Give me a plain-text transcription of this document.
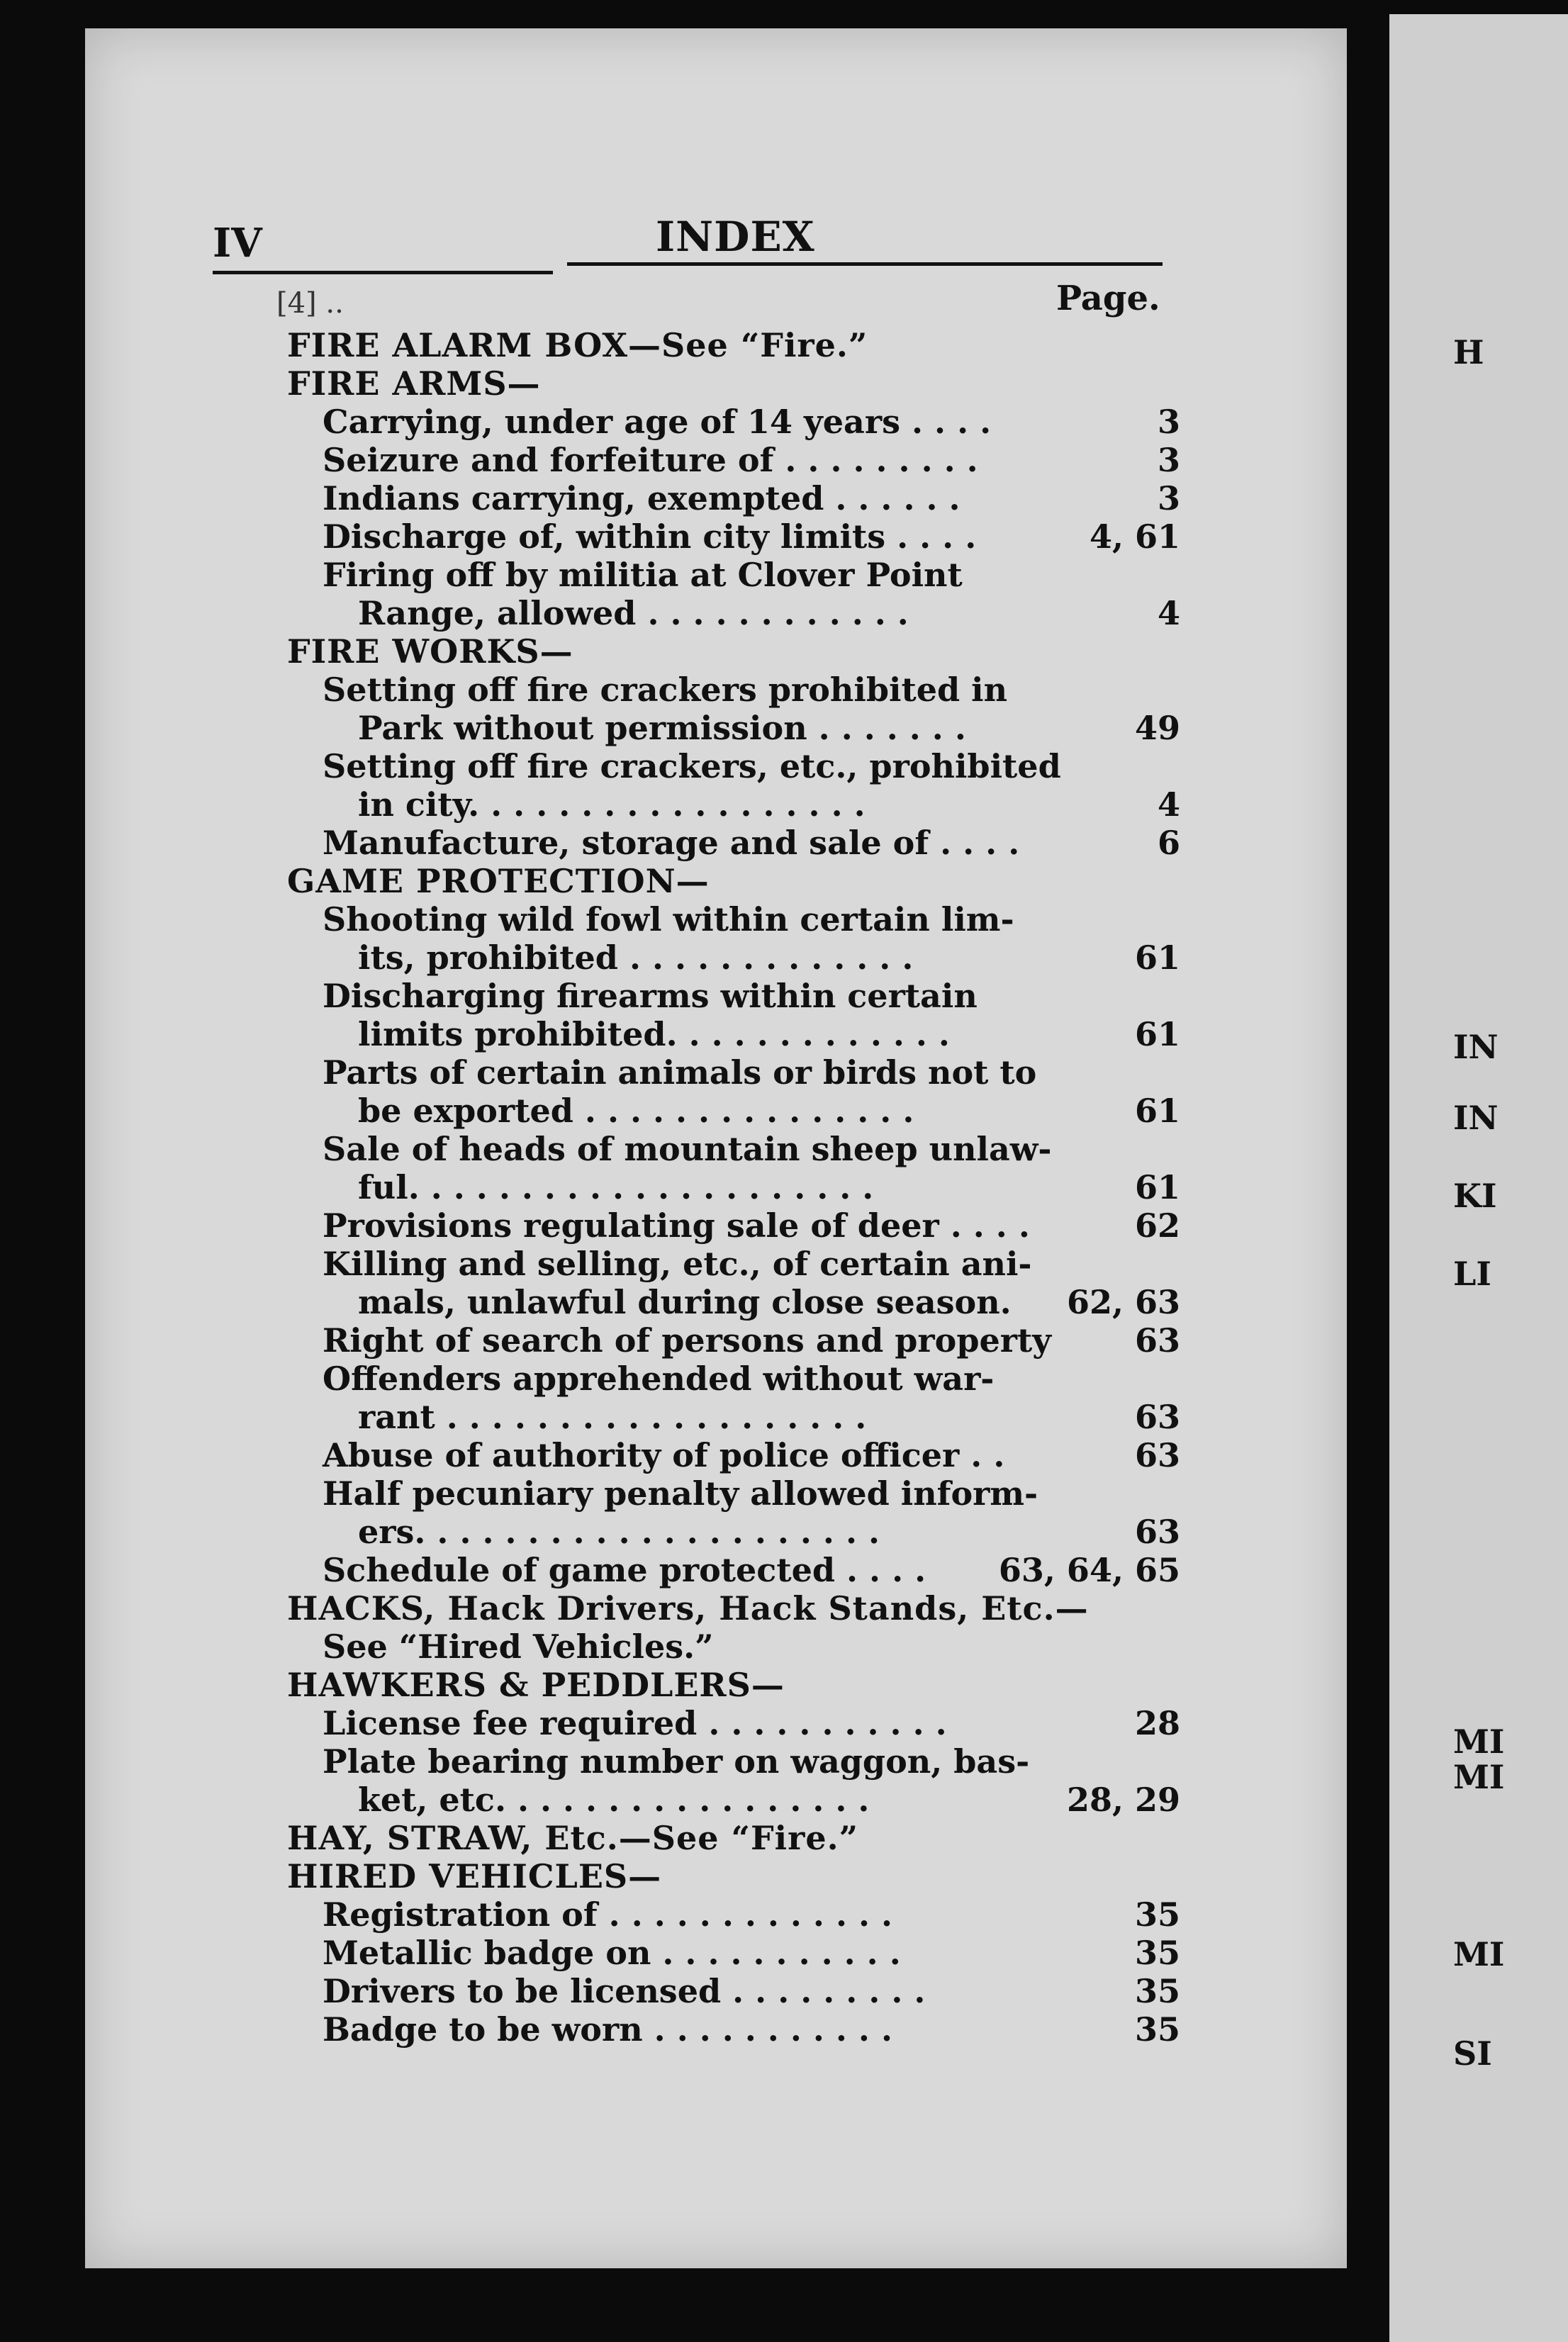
H
IN
IN
KI
LI
MI
MI
MI
SI
IV	INDEX
Page.
[4] ..
FIRE ALARM BOX—See “Fire.”
FIRE ARMS—
Carrying, under age of 14 years . . . .	3
Seizure and forfeiture of . . . . . . . . .	3
Indians carrying, exempted . . . . . .	3
Discharge of, within city limits . . . .	4, 61
Firing off by militia at Clover Point
Range, allowed . . . . . . . . . . . .	4
FIRE WORKS—
Setting off fire crackers prohibited in
Park without permission . . . . . . .	49
Setting off fire crackers, etc., prohibited
in city. . . . . . . . . . . . . . . . . .	4
Manufacture, storage and sale of . . . .	6
GAME PROTECTION—
Shooting wild fowl within certain lim-
its, prohibited . . . . . . . . . . . . .	61
Discharging firearms within certain
limits prohibited. . . . . . . . . . . . .	61
Parts of certain animals or birds not to
be exported . . . . . . . . . . . . . . .	61
Sale of heads of mountain sheep unlaw-
ful. . . . . . . . . . . . . . . . . . . . .	61
Provisions regulating sale of deer . . . .	62
Killing and selling, etc., of certain ani-
mals, unlawful during close season. 62, 63
Right of search of persons and property	63
Offenders apprehended without war-
rant . . . . . . . . . . . . . . . . . . .	63
Abuse of authority of police officer . .	63
Half pecuniary penalty allowed inform-
ers. . . . . . . . . . . . . . . . . . . . .	63
Schedule of game protected . . . . 63, 64, 65
HACKS, Hack Drivers, Hack Stands, Etc.—
See “Hired Vehicles.”
HAWKERS & PEDDLERS—
License fee required . . . . . . . . . . .	28
Plate bearing number on waggon, bas-
ket, etc. . . . . . . . . . . . . . . . .	28, 29
HAY, STRAW, Etc.—See “Fire.”
HIRED VEHICLES—
Registration of . . . . . . . . . . . . .	35
Metallic badge on . . . . . . . . . . .	35
Drivers to be licensed . . . . . . . . .	35
Badge to be worn . . . . . . . . . . .	35
